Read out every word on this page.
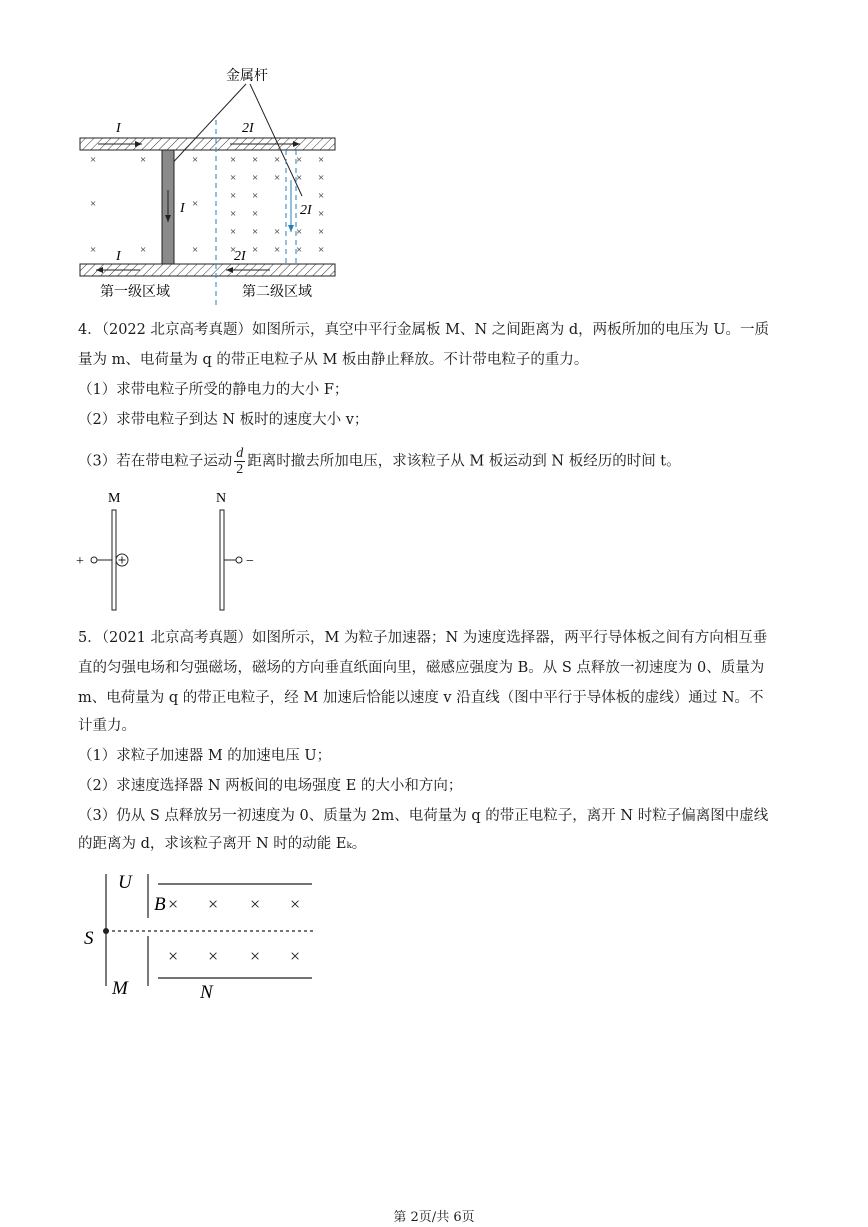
金属杆
I	2I
I	2I
I	2I
×	×	×
×	×
×	×	×
× × × × ×
× × × × ×
× ×	×
× ×	×
× × × × ×
× × × × ×
第一级区域	第二级区域
4．（2022 北京高考真题）如图所示，真空中平行金属板 M、N 之间距离为 d，两板所加的电压为 U。一质
量为 m、电荷量为 q 的带正电粒子从 M 板由静止释放。不计带电粒子的重力。
（1）求带电粒子所受的静电力的大小 F；
（2）求带电粒子到达 N 板时的速度大小 v；
（3）若在带电粒子运动 $\frac{d}{2}$ 距离时撤去所加电压，求该粒子从 M 板运动到 N 板经历的时间 t。
M	N
+	−
5．（2021 北京高考真题）如图所示，M 为粒子加速器；N 为速度选择器，两平行导体板之间有方向相互垂
直的匀强电场和匀强磁场，磁场的方向垂直纸面向里，磁感应强度为 B。从 S 点释放一初速度为 0、质量为
m、电荷量为 q 的带正电粒子，经 M 加速后恰能以速度 v 沿直线（图中平行于导体板的虚线）通过 N。不
计重力。
（1）求粒子加速器 M 的加速电压 U；
（2）求速度选择器 N 两板间的电场强度 E 的大小和方向；
（3）仍从 S 点释放另一初速度为 0、质量为 2m、电荷量为 q 的带正电粒子，离开 N 时粒子偏离图中虚线
的距离为 d，求该粒子离开 N 时的动能 Eₖ。
U
M
S
B × × × ×
× × × ×
N
第 2页/共 6页
